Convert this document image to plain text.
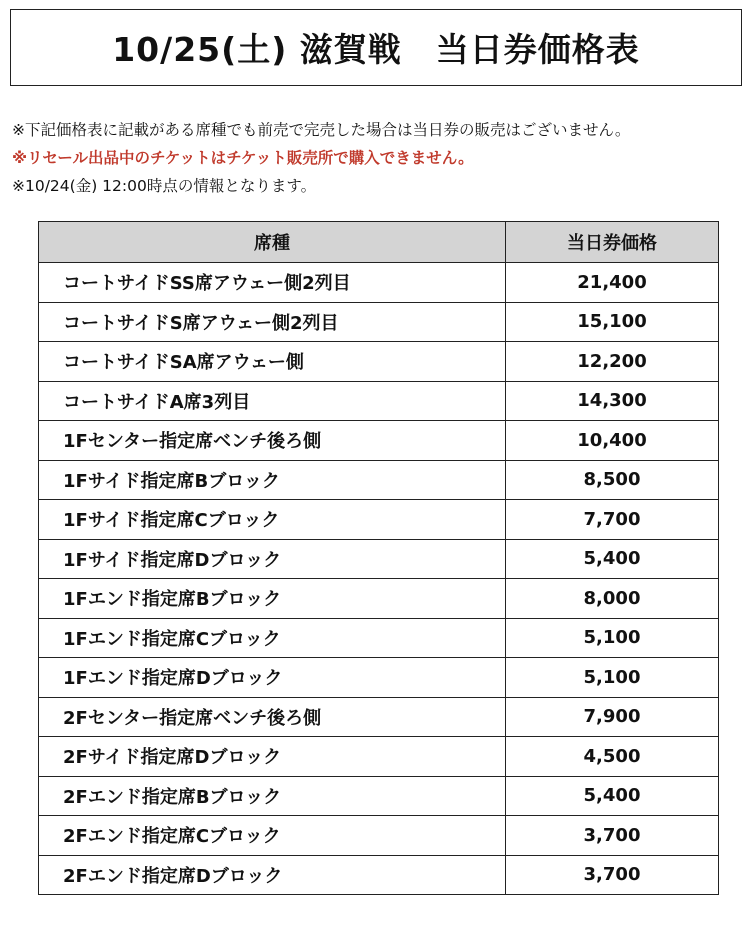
10/25(土) 滋賀戦　当日券価格表
※下記価格表に記載がある席種でも前売で完売した場合は当日券の販売はございません。
※リセール出品中のチケットはチケット販売所で購入できません。
※10/24(金) 12:00時点の情報となります。
席種	当日券価格
コートサイドSS席アウェー側2列目	21,400
コートサイドS席アウェー側2列目	15,100
コートサイドSA席アウェー側	12,200
コートサイドA席3列目	14,300
1Fセンター指定席ベンチ後ろ側	10,400
1Fサイド指定席Bブロック	8,500
1Fサイド指定席Cブロック	7,700
1Fサイド指定席Dブロック	5,400
1Fエンド指定席Bブロック	8,000
1Fエンド指定席Cブロック	5,100
1Fエンド指定席Dブロック	5,100
2Fセンター指定席ベンチ後ろ側	7,900
2Fサイド指定席Dブロック	4,500
2Fエンド指定席Bブロック	5,400
2Fエンド指定席Cブロック	3,700
2Fエンド指定席Dブロック	3,700
